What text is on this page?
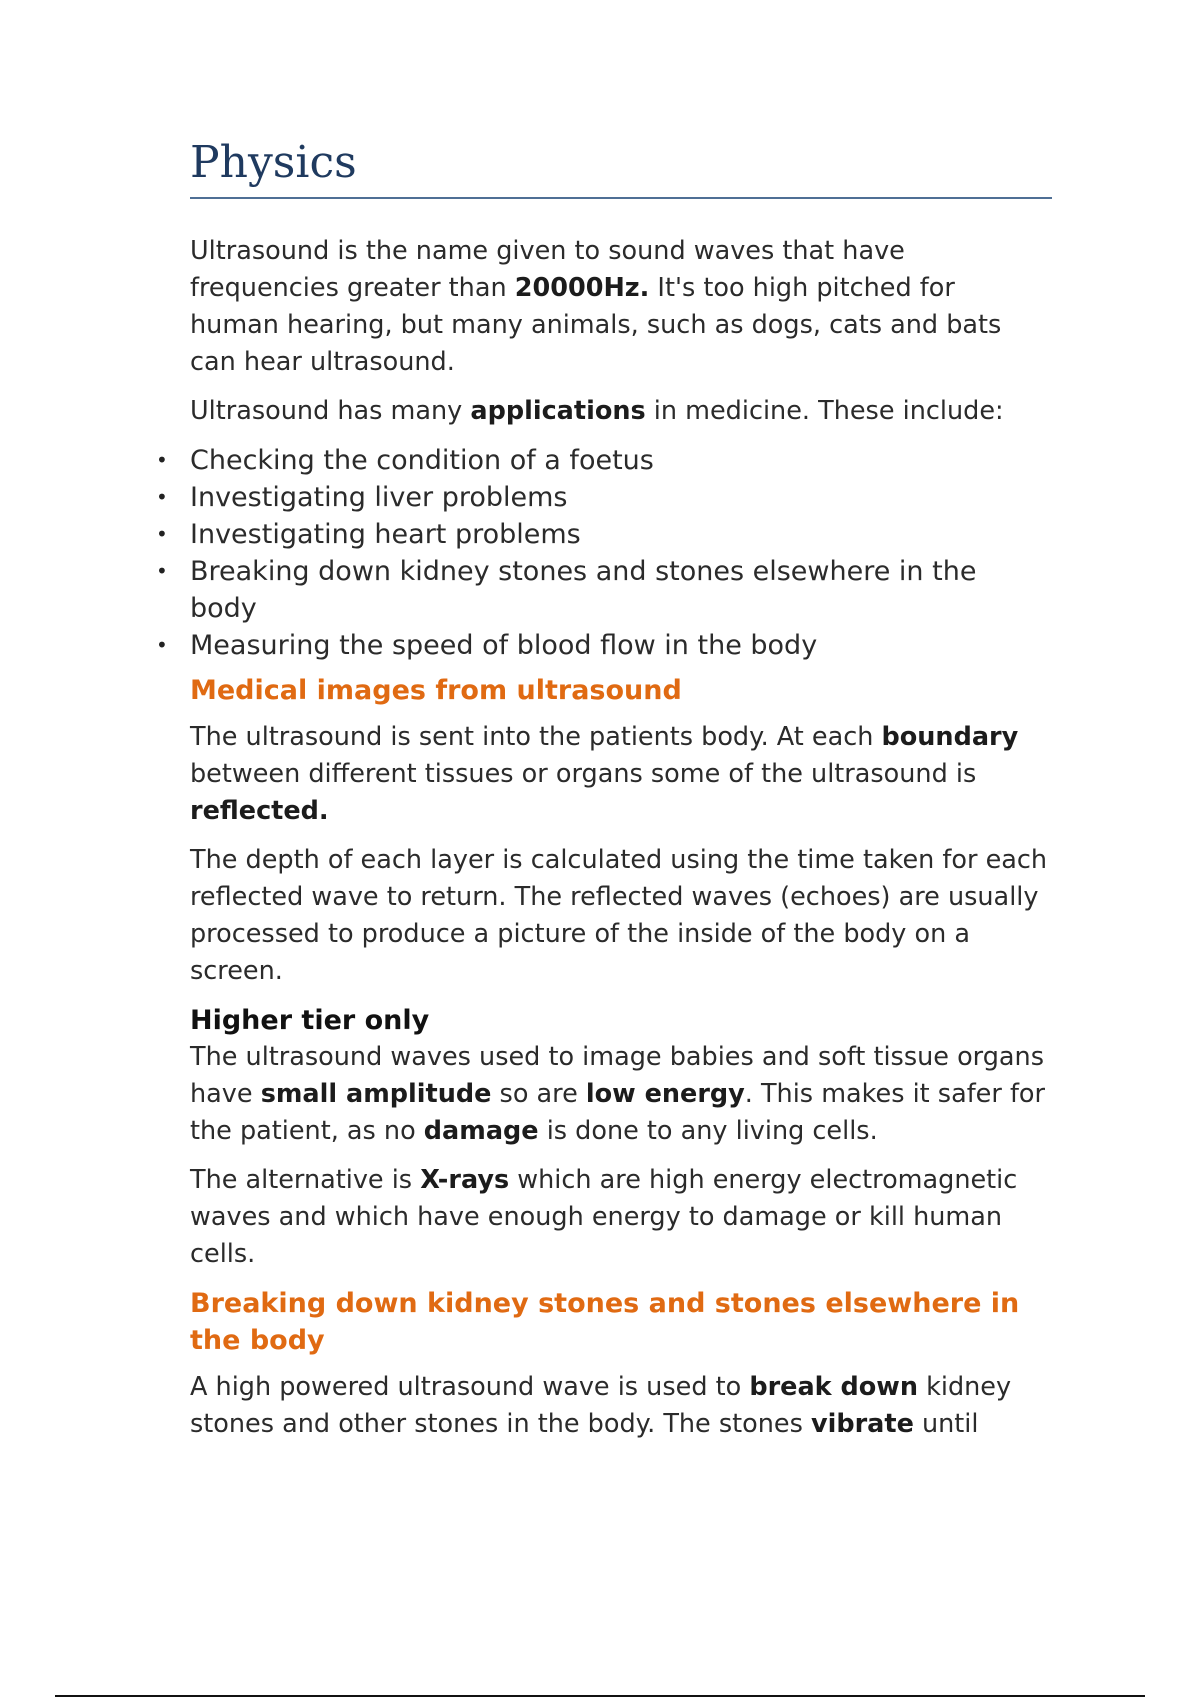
Physics

Ultrasound is the name given to sound waves that have frequencies greater than 20000Hz. It's too high pitched for human hearing, but many animals, such as dogs, cats and bats can hear ultrasound.

Ultrasound has many applications in medicine. These include:

• Checking the condition of a foetus
• Investigating liver problems
• Investigating heart problems
• Breaking down kidney stones and stones elsewhere in the body
• Measuring the speed of blood flow in the body
Medical images from ultrasound

The ultrasound is sent into the patients body. At each boundary between different tissues or organs some of the ultrasound is reflected.

The depth of each layer is calculated using the time taken for each reflected wave to return. The reflected waves (echoes) are usually processed to produce a picture of the inside of the body on a screen.

Higher tier only

The ultrasound waves used to image babies and soft tissue organs have small amplitude so are low energy. This makes it safer for the patient, as no damage is done to any living cells.

The alternative is X-rays which are high energy electromagnetic waves and which have enough energy to damage or kill human cells.

Breaking down kidney stones and stones elsewhere in the body

A high powered ultrasound wave is used to break down kidney stones and other stones in the body. The stones vibrate until
